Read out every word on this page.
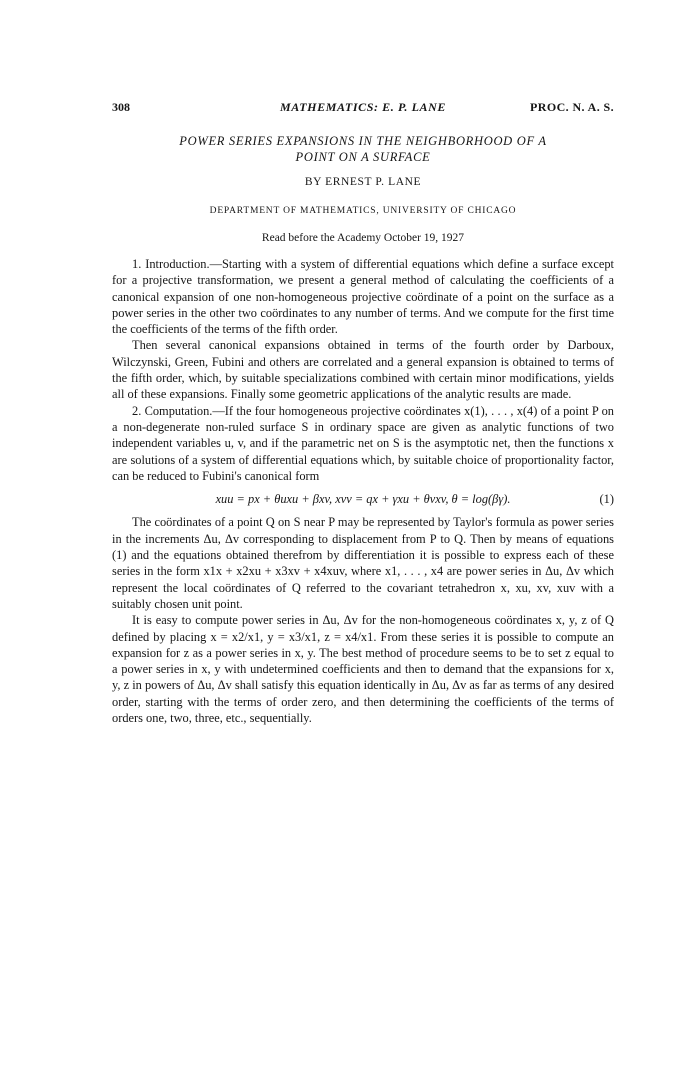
308	MATHEMATICS: E. P. LANE	PROC. N. A. S.
POWER SERIES EXPANSIONS IN THE NEIGHBORHOOD OF A
POINT ON A SURFACE
BY ERNEST P. LANE
DEPARTMENT OF MATHEMATICS, UNIVERSITY OF CHICAGO
Read before the Academy October 19, 1927

1. Introduction.—Starting with a system of differential equations which define a surface except for a projective transformation, we present a general method of calculating the coefficients of a canonical expansion of one non-homogeneous projective coördinate of a point on the surface as a power series in the other two coördinates to any number of terms. And we compute for the first time the coefficients of the terms of the fifth order.

Then several canonical expansions obtained in terms of the fourth order by Darboux, Wilczynski, Green, Fubini and others are correlated and a general expansion is obtained to terms of the fifth order, which, by suitable specializations combined with certain minor modifications, yields all of these expansions. Finally some geometric applications of the analytic results are made.

2. Computation.—If the four homogeneous projective coördinates x(1), . . . , x(4) of a point P on a non-degenerate non-ruled surface S in ordinary space are given as analytic functions of two independent variables u, v, and if the parametric net on S is the asymptotic net, then the functions x are solutions of a system of differential equations which, by suitable choice of proportionality factor, can be reduced to Fubini's canonical form

xuu = px + θuxu + βxv, xvv = qx + γxu + θvxv, θ = log(βγ).	(1)

The coördinates of a point Q on S near P may be represented by Taylor's formula as power series in the increments Δu, Δv corresponding to displacement from P to Q. Then by means of equations (1) and the equations obtained therefrom by differentiation it is possible to express each of these series in the form x1x + x2xu + x3xv + x4xuv, where x1, . . . , x4 are power series in Δu, Δv which represent the local coördinates of Q referred to the covariant tetrahedron x, xu, xv, xuv with a suitably chosen unit point.

It is easy to compute power series in Δu, Δv for the non-homogeneous coördinates x, y, z of Q defined by placing x = x2/x1, y = x3/x1, z = x4/x1. From these series it is possible to compute an expansion for z as a power series in x, y. The best method of procedure seems to be to set z equal to a power series in x, y with undetermined coefficients and then to demand that the expansions for x, y, z in powers of Δu, Δv shall satisfy this equation identically in Δu, Δv as far as terms of any desired order, starting with the terms of order zero, and then determining the coefficients of the terms of orders one, two, three, etc., sequentially.
